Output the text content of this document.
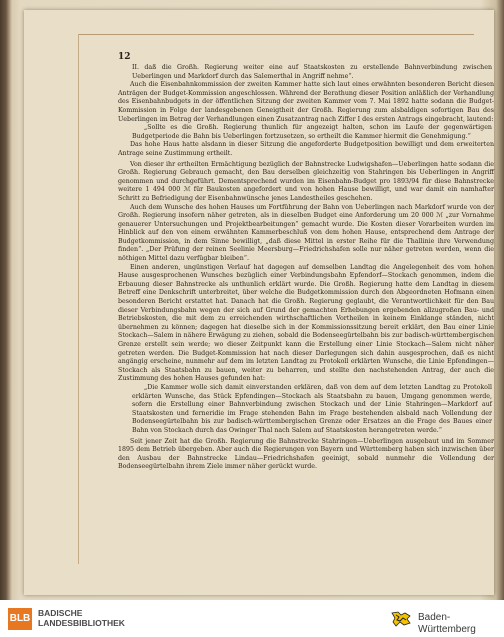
12

II. daß die Großh. Regierung weiter eine auf Staatskosten zu erstellende Bahnverbindung zwischen Ueberlingen und Markdorf durch das Salemerthal in Angriff nehme“.

Auch die Eisenbahnkommission der zweiten Kammer hatte sich laut eines erwähnten besonderen Bericht diesen Anträgen der Budget-Kommission angeschlossen. Während der Berathung dieser Position anläßlich der Verhandlung des Eisenbahnbudgets in der öffentlichen Sitzung der zweiten Kammer vom 7. Mai 1892 hatte sodann die Budget-Kommission in Folge der landesgebenen Geneigtheit der Großh. Regierung zum alsbaldigen sofortigen Bau des Ueberlingen im Betrag der Verhandlungen einen Zusatzantrag nach Ziffer I des ersten Antrags eingebracht, lautend:

„Sollte es die Großh. Regierung thunlich für angezeigt halten, schon im Laufe der gegenwärtigen Budgetperiode die Bahn bis Ueberlingen fortzusetzen, so ertheilt die Kammer hiermit die Genehmigung.“

Das hohe Haus hatte alsdann in dieser Sitzung die angeforderte Budgetposition bewilligt und dem erweiterten Antrage seine Zustimmung ertheilt.

Von dieser ihr ertheilten Ermächtigung bezüglich der Bahnstrecke Ludwigshafen—Ueberlingen hatte sodann die Großh. Regierung Gebrauch gemacht, den Bau derselben gleichzeitig von Stahringen bis Ueberlingen in Angriff genommen und durchgeführt. Dementsprechend wurden im Eisenbahn-Budget pro 1893/94 für diese Bahnstrecke weitere 1 494 000 ℳ für Baukosten angefordert und von hohen Hause bewilligt, und war damit ein namhafter Schritt zu Befriedigung der Eisenbahnwünsche jenes Landestheiles geschehen.

Auch dem Wunsche des hohen Hauses um Fortführung der Bahn von Ueberlingen nach Markdorf wurde von der Großh. Regierung insofern näher getreten, als in dieselben Budget eine Anforderung um 20 000 ℳ „zur Vornahme genauerer Untersuchungen und Projektbearbeitungen“ gemacht wurde. Die Kosten dieser Vorarbeiten wurden im Hinblick auf den von einem erwähnten Kammerbeschluß von dem hohen Hause, entsprechend dem Antrage der Budgetkommission, in dem Sinne bewilligt, „daß diese Mittel in erster Reihe für die Thallinie ihre Verwendung finden“. „Der Prüfung der reinen Seelinie Meersburg—Friedrichshafen solle nur näher getreten werden, wenn die nöthigen Mittel dazu verfügbar bleiben“.

Einen anderen, ungünstigen Verlauf hat dagegen auf demselben Landtag die Angelegenheit des vom hohen Hause ausgesprochenen Wunsches bezüglich einer Verbindungsbahn Epfendorf—Stockach genommen, indem die Erbauung dieser Bahnstrecke als unthunlich erklärt wurde. Die Großh. Regierung hatte dem Landtag in diesem Betreff eine Denkschrift unterbreitet, über welche die Budgetkommission durch den Abgeordneten Hofmann einen besonderen Bericht erstattet hat. Danach hat die Großh. Regierung geglaubt, die Verantwortlichkeit für den Bau dieser Verbindungsbahn wegen der sich auf Grund der gemachten Erhebungen ergebenden allzugroßen Bau- und Betriebskosten, die mit dem zu erreichenden wirthschaftlichen Vortheilen in keinem Einklange ständen, nicht übernehmen zu können; dagegen hat dieselbe sich in der Kommissionssitzung bereit erklärt, den Bau einer Linie Stockach—Salem in nähere Erwägung zu ziehen, sobald die Bodenseegürtelbahn bis zur badisch-württembergischen Grenze erstellt sein werde; wo dieser Zeitpunkt kann die Erstellung einer Linie Stockach—Salem nicht näher getreten werden. Die Budget-Kommission hat nach dieser Darlegungen sich dahin ausgesprochen, daß es nicht angängig erscheine, nunmehr auf dem im letzten Landtag zu Protokoll erklärten Wunsche, die Linie Epfendingen—Stockach als Staatsbahn zu bauen, weiter zu beharren, und stellte den nachstehenden Antrag, der auch die Zustimmung des hohen Hauses gefunden hat:

„Die Kammer wolle sich damit einverstanden erklären, daß von dem auf dem letzten Landtag zu Protokoll erklärten Wunsche, das Stück Epfendingen—Stockach als Staatsbahn zu bauen, Umgang genommen werde, sofern die Erstellung einer Bahnverbindung zwischen Stockach und der Linie Stahringen—Markdorf auf Staatskosten und ferneridie im Frage stehenden Bahn im Frage bestehenden alsbald nach Vollendung der Bodenseegürtelbahn bis zur badisch-württembergischen Grenze oder Ersatzes an die Frage des Baues einer Bahn von Stockach durch das Owinger Thal nach Salem auf Staatskosten herangetreten werde.“

Seit jener Zeit hat die Großh. Regierung die Bahnstrecke Stahringen—Ueberlingen ausgebaut und im Sommer 1895 dem Betrieb übergeben. Aber auch die Regierungen von Bayern und Württemberg haben sich inzwischen über den Ausbau der Bahnstrecke Lindau—Friedrichshafen geeinigt, sobald nunmehr die Vollendung der Bodenseegürtelbahn ihrem Ziele immer näher gerückt wurde.

BLB BADISCHE
LANDESBIBLIOTHEK	Baden-Württemberg
